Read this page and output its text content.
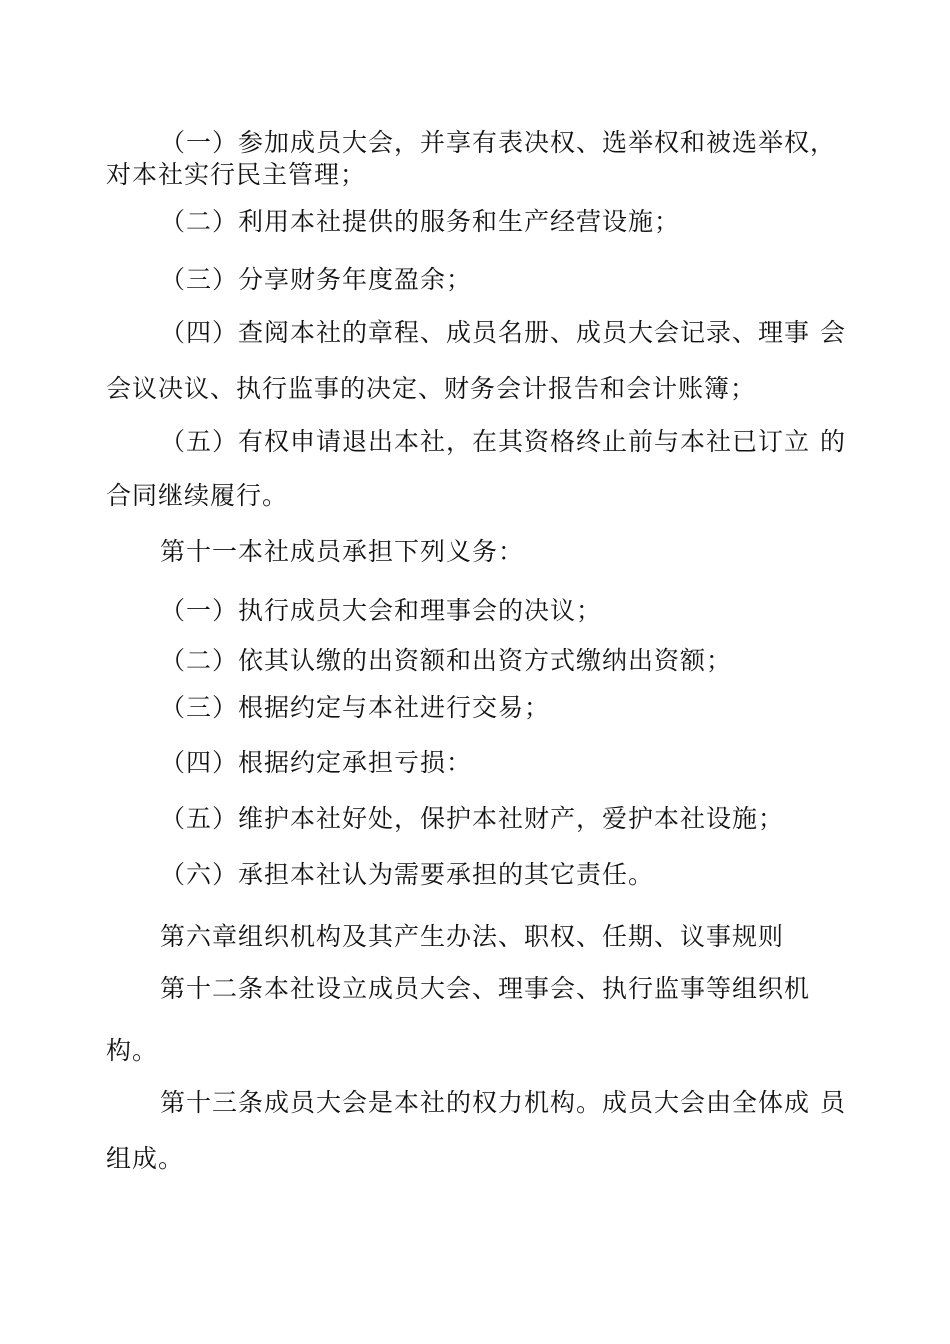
（一）参加成员大会，并享有表决权、选举权和被选举权，
对本社实行民主管理；
（二）利用本社提供的服务和生产经营设施；
（三）分享财务年度盈余；
（四）查阅本社的章程、成员名册、成员大会记录、理事 会
会议决议、执行监事的决定、财务会计报告和会计账簿；
（五）有权申请退出本社，在其资格终止前与本社已订立 的
合同继续履行。
第十一本社成员承担下列义务：
（一）执行成员大会和理事会的决议；
（二）依其认缴的出资额和出资方式缴纳出资额；
（三）根据约定与本社进行交易；
（四）根据约定承担亏损：
（五）维护本社好处，保护本社财产，爱护本社设施；
（六）承担本社认为需要承担的其它责任。
第六章组织机构及其产生办法、职权、任期、议事规则
第十二条本社设立成员大会、理事会、执行监事等组织机
构。
第十三条成员大会是本社的权力机构。成员大会由全体成 员
组成。
